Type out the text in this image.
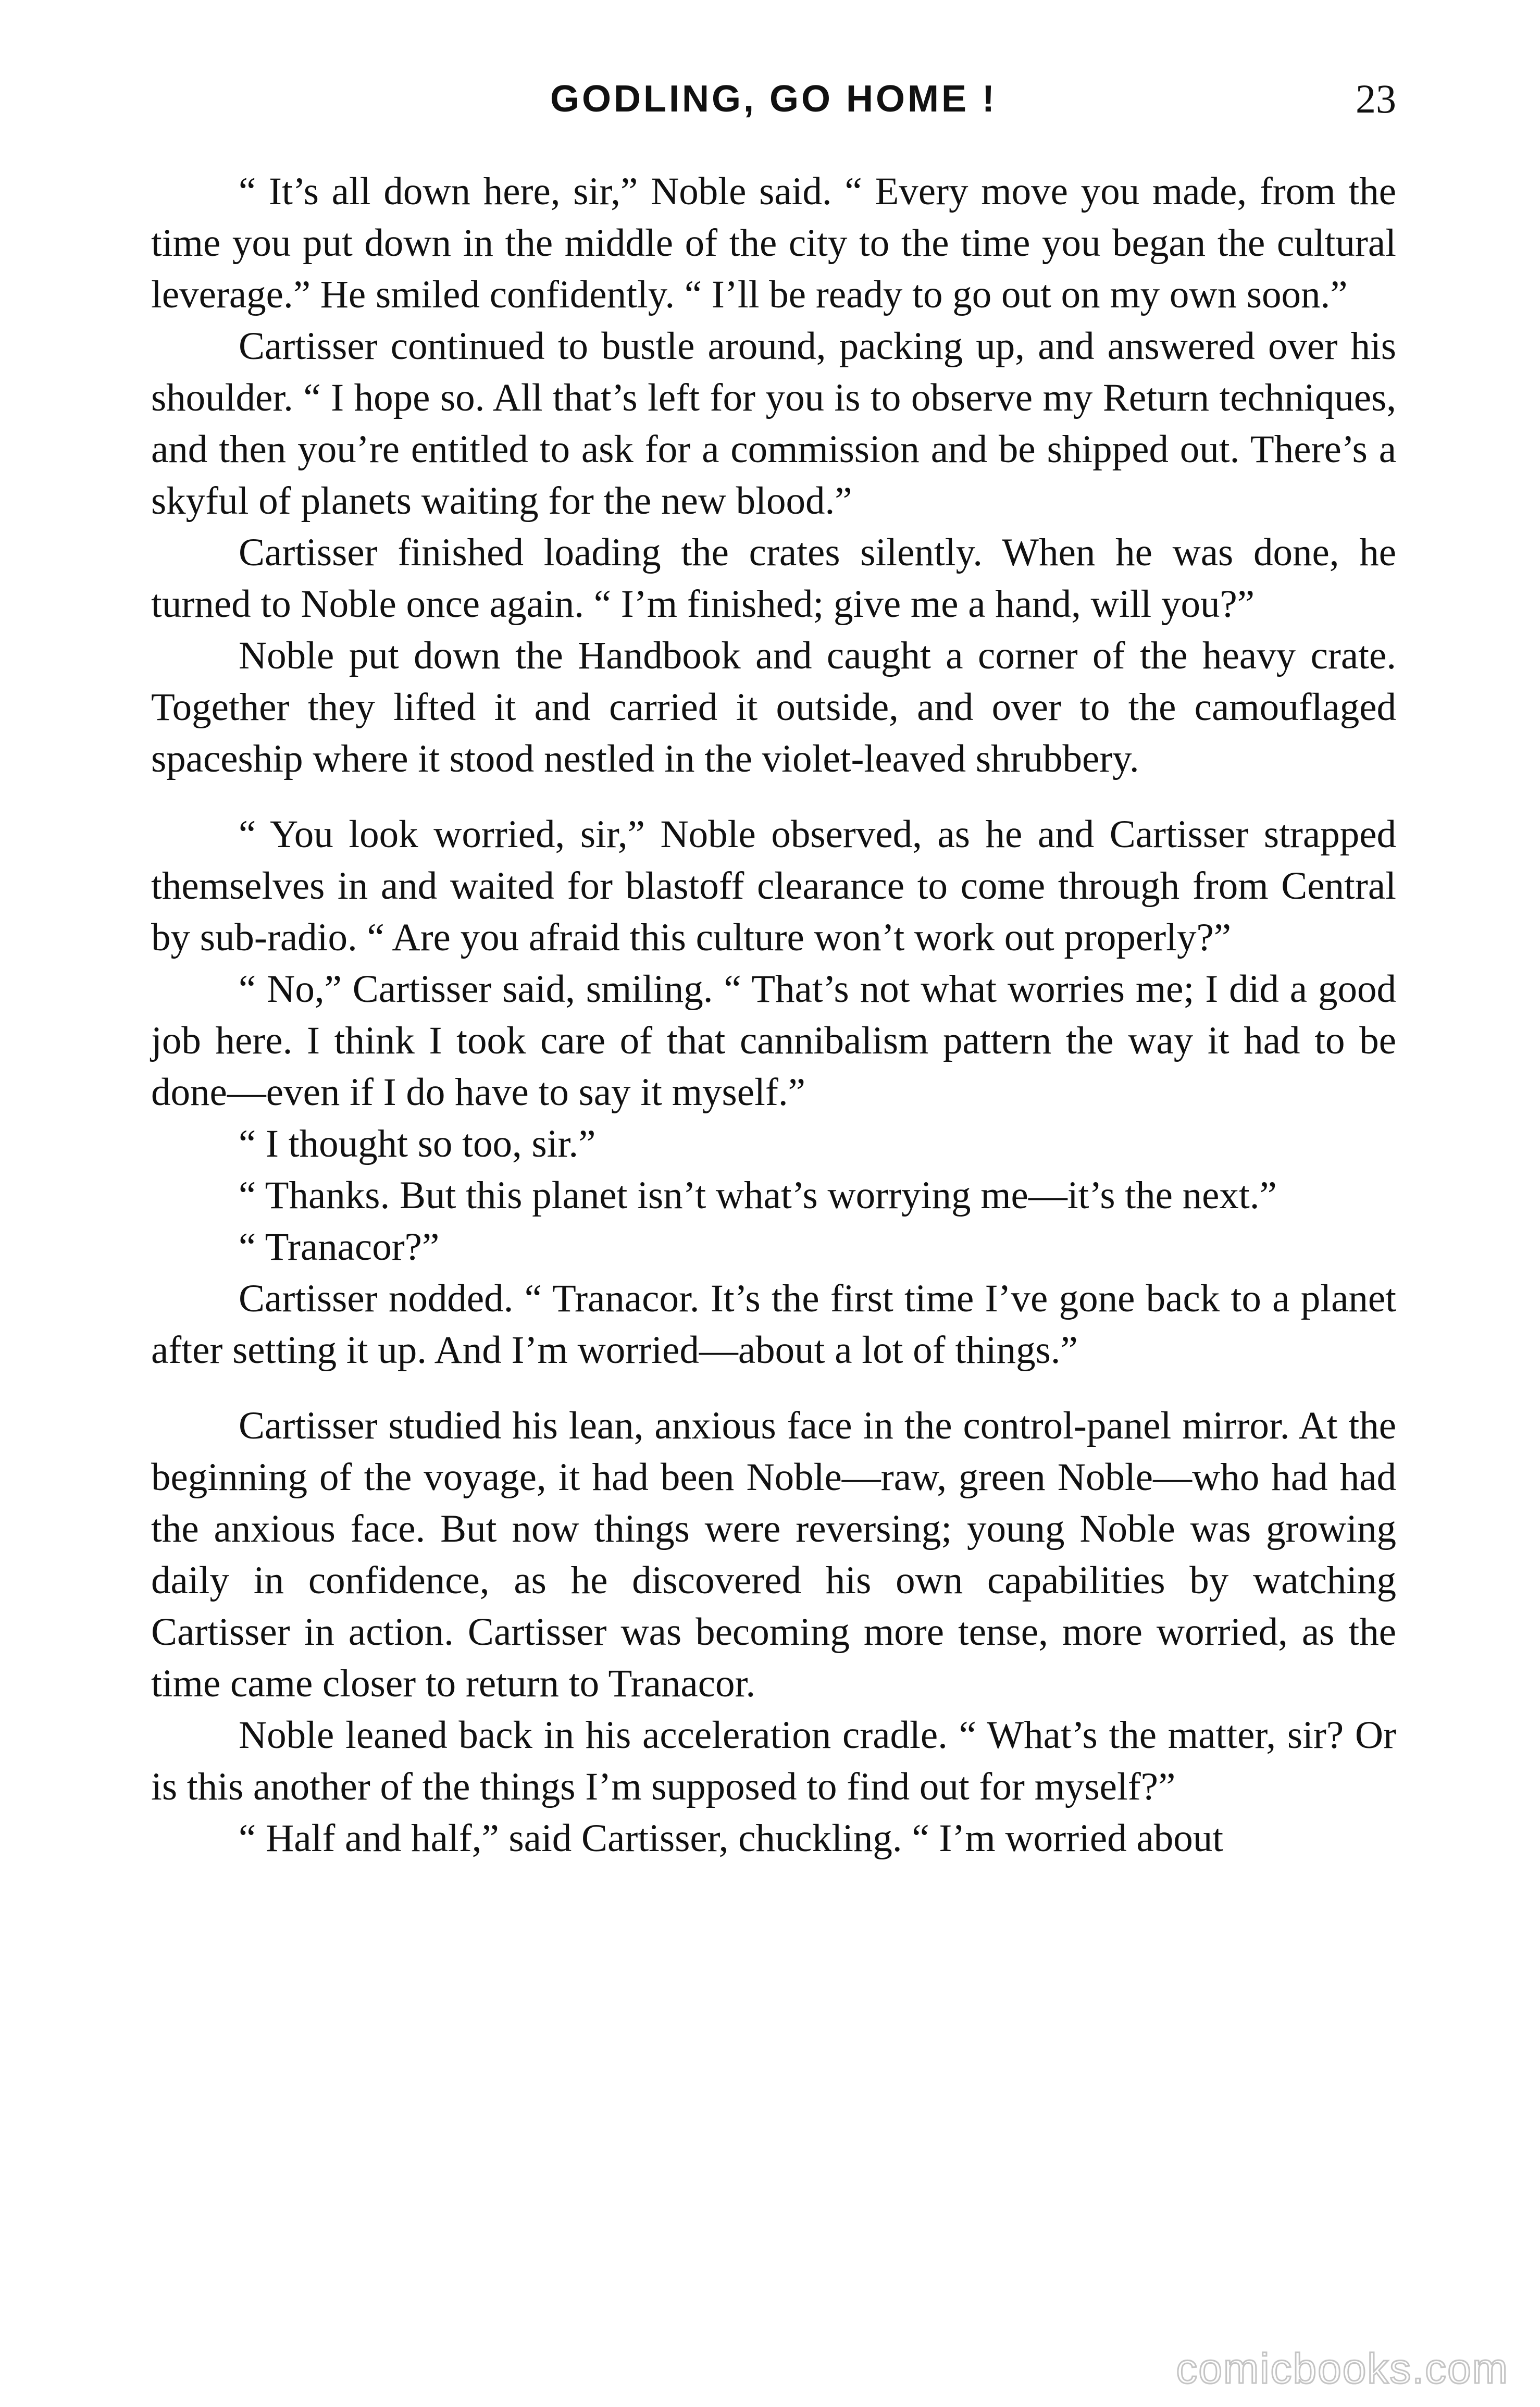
GODLING, GO HOME !	23

“ It’s all down here, sir,” Noble said. “ Every move you made, from the time you put down in the middle of the city to the time you began the cultural leverage.” He smiled confidently. “ I’ll be ready to go out on my own soon.”

Cartisser continued to bustle around, packing up, and answered over his shoulder. “ I hope so. All that’s left for you is to observe my Return techniques, and then you’re entitled to ask for a commission and be shipped out. There’s a skyful of planets waiting for the new blood.”

Cartisser finished loading the crates silently. When he was done, he turned to Noble once again. “ I’m finished; give me a hand, will you?”

Noble put down the Handbook and caught a corner of the heavy crate. Together they lifted it and carried it outside, and over to the camouflaged spaceship where it stood nestled in the violet-leaved shrubbery.

“ You look worried, sir,” Noble observed, as he and Cartisser strapped themselves in and waited for blastoff clearance to come through from Central by sub-radio. “ Are you afraid this culture won’t work out properly?”

“ No,” Cartisser said, smiling. “ That’s not what worries me; I did a good job here. I think I took care of that cannibalism pattern the way it had to be done—even if I do have to say it myself.”

“ I thought so too, sir.”

“ Thanks. But this planet isn’t what’s worrying me—it’s the next.”

“ Tranacor?”

Cartisser nodded. “ Tranacor. It’s the first time I’ve gone back to a planet after setting it up. And I’m worried—about a lot of things.”

Cartisser studied his lean, anxious face in the control-panel mirror. At the beginning of the voyage, it had been Noble—raw, green Noble—who had had the anxious face. But now things were reversing; young Noble was growing daily in confidence, as he discovered his own capabilities by watching Cartisser in action. Cartisser was becoming more tense, more worried, as the time came closer to return to Tranacor.

Noble leaned back in his acceleration cradle. “ What’s the matter, sir? Or is this another of the things I’m supposed to find out for myself?”

“ Half and half,” said Cartisser, chuckling. “ I’m worried about

comicbooks.com
